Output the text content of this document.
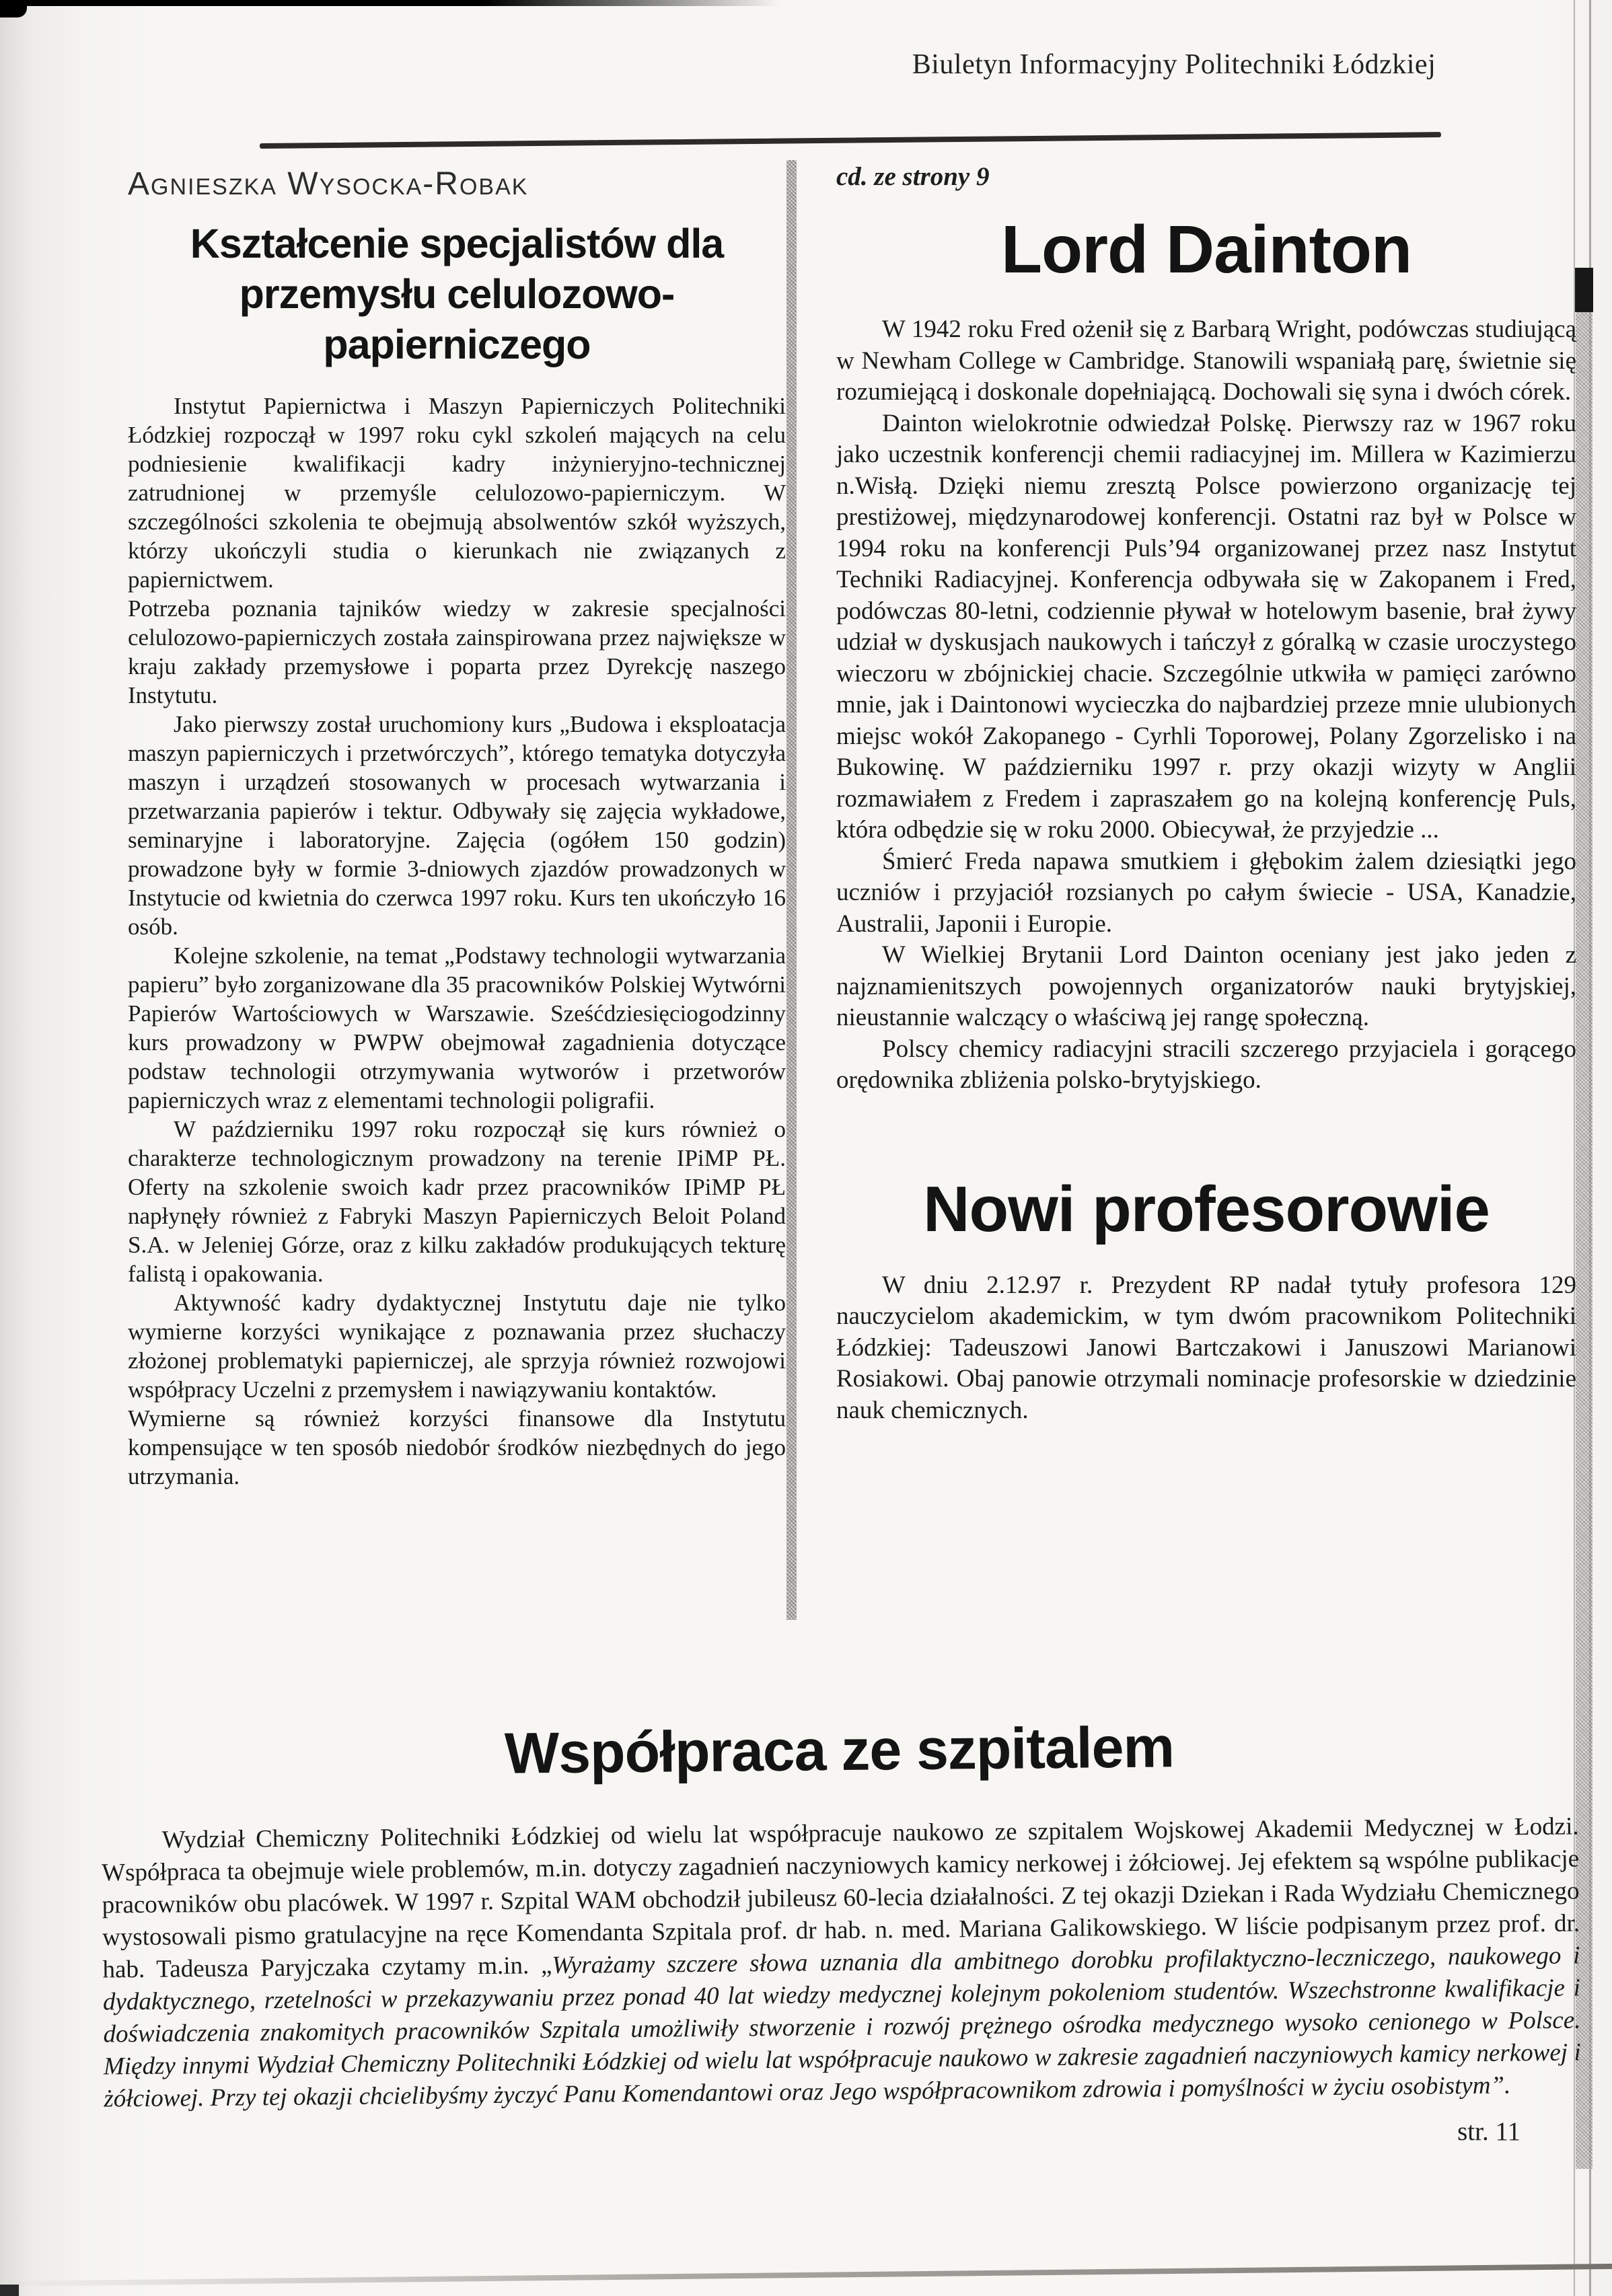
Biuletyn Informacyjny Politechniki Łódzkiej
Agnieszka Wysocka-Robak
Kształcenie specjalistów dla
przemysłu celulozowo-
papierniczego

Instytut Papiernictwa i Maszyn Papierniczych Politechniki Łódzkiej rozpoczął w 1997 roku cykl szkoleń mających na celu podniesienie kwalifikacji kadry inżynieryjno-technicznej zatrudnionej w przemyśle celulozowo-papierniczym. W szczególności szkolenia te obejmują absolwentów szkół wyższych, którzy ukończyli studia o kierunkach nie związanych z papiernictwem.

Potrzeba poznania tajników wiedzy w zakresie specjalności celulozowo-papierniczych została zainspirowana przez największe w kraju zakłady przemysłowe i poparta przez Dyrekcję naszego Instytutu.

Jako pierwszy został uruchomiony kurs „Budowa i eksploatacja maszyn papierniczych i przetwórczych”, którego tematyka dotyczyła maszyn i urządzeń stosowanych w procesach wytwarzania i przetwarzania papierów i tektur. Odbywały się zajęcia wykładowe, seminaryjne i laboratoryjne. Zajęcia (ogółem 150 godzin) prowadzone były w formie 3-dniowych zjazdów prowadzonych w Instytucie od kwietnia do czerwca 1997 roku. Kurs ten ukończyło 16 osób.

Kolejne szkolenie, na temat „Podstawy technologii wytwarzania papieru” było zorganizowane dla 35 pracowników Polskiej Wytwórni Papierów Wartościowych w Warszawie. Sześćdziesięciogodzinny kurs prowadzony w PWPW obejmował zagadnienia dotyczące podstaw technologii otrzymywania wytworów i przetworów papierniczych wraz z elementami technologii poligrafii.

W październiku 1997 roku rozpoczął się kurs również o charakterze technologicznym prowadzony na terenie IPiMP PŁ. Oferty na szkolenie swoich kadr przez pracowników IPiMP PŁ napłynęły również z Fabryki Maszyn Papierniczych Beloit Poland S.A. w Jeleniej Górze, oraz z kilku zakładów produkujących tekturę falistą i opakowania.

Aktywność kadry dydaktycznej Instytutu daje nie tylko wymierne korzyści wynikające z poznawania przez słuchaczy złożonej problematyki papierniczej, ale sprzyja również rozwojowi współpracy Uczelni z przemysłem i nawiązywaniu kontaktów.

Wymierne są również korzyści finansowe dla Instytutu kompensujące w ten sposób niedobór środków niezbędnych do jego utrzymania.

cd. ze strony 9
Lord Dainton

W 1942 roku Fred ożenił się z Barbarą Wright, podówczas studiującą w Newham College w Cambridge. Stanowili wspaniałą parę, świetnie się rozumiejącą i doskonale dopełniającą. Dochowali się syna i dwóch córek.

Dainton wielokrotnie odwiedzał Polskę. Pierwszy raz w 1967 roku jako uczestnik konferencji chemii radiacyjnej im. Millera w Kazimierzu n.Wisłą. Dzięki niemu zresztą Polsce powierzono organizację tej prestiżowej, międzynarodowej konferencji. Ostatni raz był w Polsce w 1994 roku na konferencji Puls’94 organizowanej przez nasz Instytut Techniki Radiacyjnej. Konferencja odbywała się w Zakopanem i Fred, podówczas 80-letni, codziennie pływał w hotelowym basenie, brał żywy udział w dyskusjach naukowych i tańczył z góralką w czasie uroczystego wieczoru w zbójnickiej chacie. Szczególnie utkwiła w pamięci zarówno mnie, jak i Daintonowi wycieczka do najbardziej przeze mnie ulubionych miejsc wokół Zakopanego - Cyrhli Toporowej, Polany Zgorzelisko i na Bukowinę. W październiku 1997 r. przy okazji wizyty w Anglii rozmawiałem z Fredem i zapraszałem go na kolejną konferencję Puls, która odbędzie się w roku 2000. Obiecywał, że przyjedzie ...

Śmierć Freda napawa smutkiem i głębokim żalem dziesiątki jego uczniów i przyjaciół rozsianych po całym świecie - USA, Kanadzie, Australii, Japonii i Europie.

W Wielkiej Brytanii Lord Dainton oceniany jest jako jeden z najznamienitszych powojennych organizatorów nauki brytyjskiej, nieustannie walczący o właściwą jej rangę społeczną.

Polscy chemicy radiacyjni stracili szczerego przyjaciela i gorącego orędownika zbliżenia polsko-brytyjskiego.

Nowi profesorowie

W dniu 2.12.97 r. Prezydent RP nadał tytuły profesora 129 nauczycielom akademickim, w tym dwóm pracownikom Politechniki Łódzkiej: Tadeuszowi Janowi Bartczakowi i Januszowi Marianowi Rosiakowi. Obaj panowie otrzymali nominacje profesorskie w dziedzinie nauk chemicznych.

Współpraca ze szpitalem

Wydział Chemiczny Politechniki Łódzkiej od wielu lat współpracuje naukowo ze szpitalem Wojskowej Akademii Medycznej w Łodzi. Współpraca ta obejmuje wiele problemów, m.in. dotyczy zagadnień naczyniowych kamicy nerkowej i żółciowej. Jej efektem są wspólne publikacje pracowników obu placówek. W 1997 r. Szpital WAM obchodził jubileusz 60-lecia działalności. Z tej okazji Dziekan i Rada Wydziału Chemicznego wystosowali pismo gratulacyjne na ręce Komendanta Szpitala prof. dr hab. n. med. Mariana Galikowskiego. W liście podpisanym przez prof. dr. hab. Tadeusza Paryjczaka czytamy m.in. „Wyrażamy szczere słowa uznania dla ambitnego dorobku profilaktyczno-leczniczego, naukowego i dydaktycznego, rzetelności w przekazywaniu przez ponad 40 lat wiedzy medycznej kolejnym pokoleniom studentów. Wszechstronne kwalifikacje i doświadczenia znakomitych pracowników Szpitala umożliwiły stworzenie i rozwój prężnego ośrodka medycznego wysoko cenionego w Polsce. Między innymi Wydział Chemiczny Politechniki Łódzkiej od wielu lat współpracuje naukowo w zakresie zagadnień naczyniowych kamicy nerkowej i żółciowej. Przy tej okazji chcielibyśmy życzyć Panu Komendantowi oraz Jego współpracownikom zdrowia i pomyślności w życiu osobistym”.

str. 11
